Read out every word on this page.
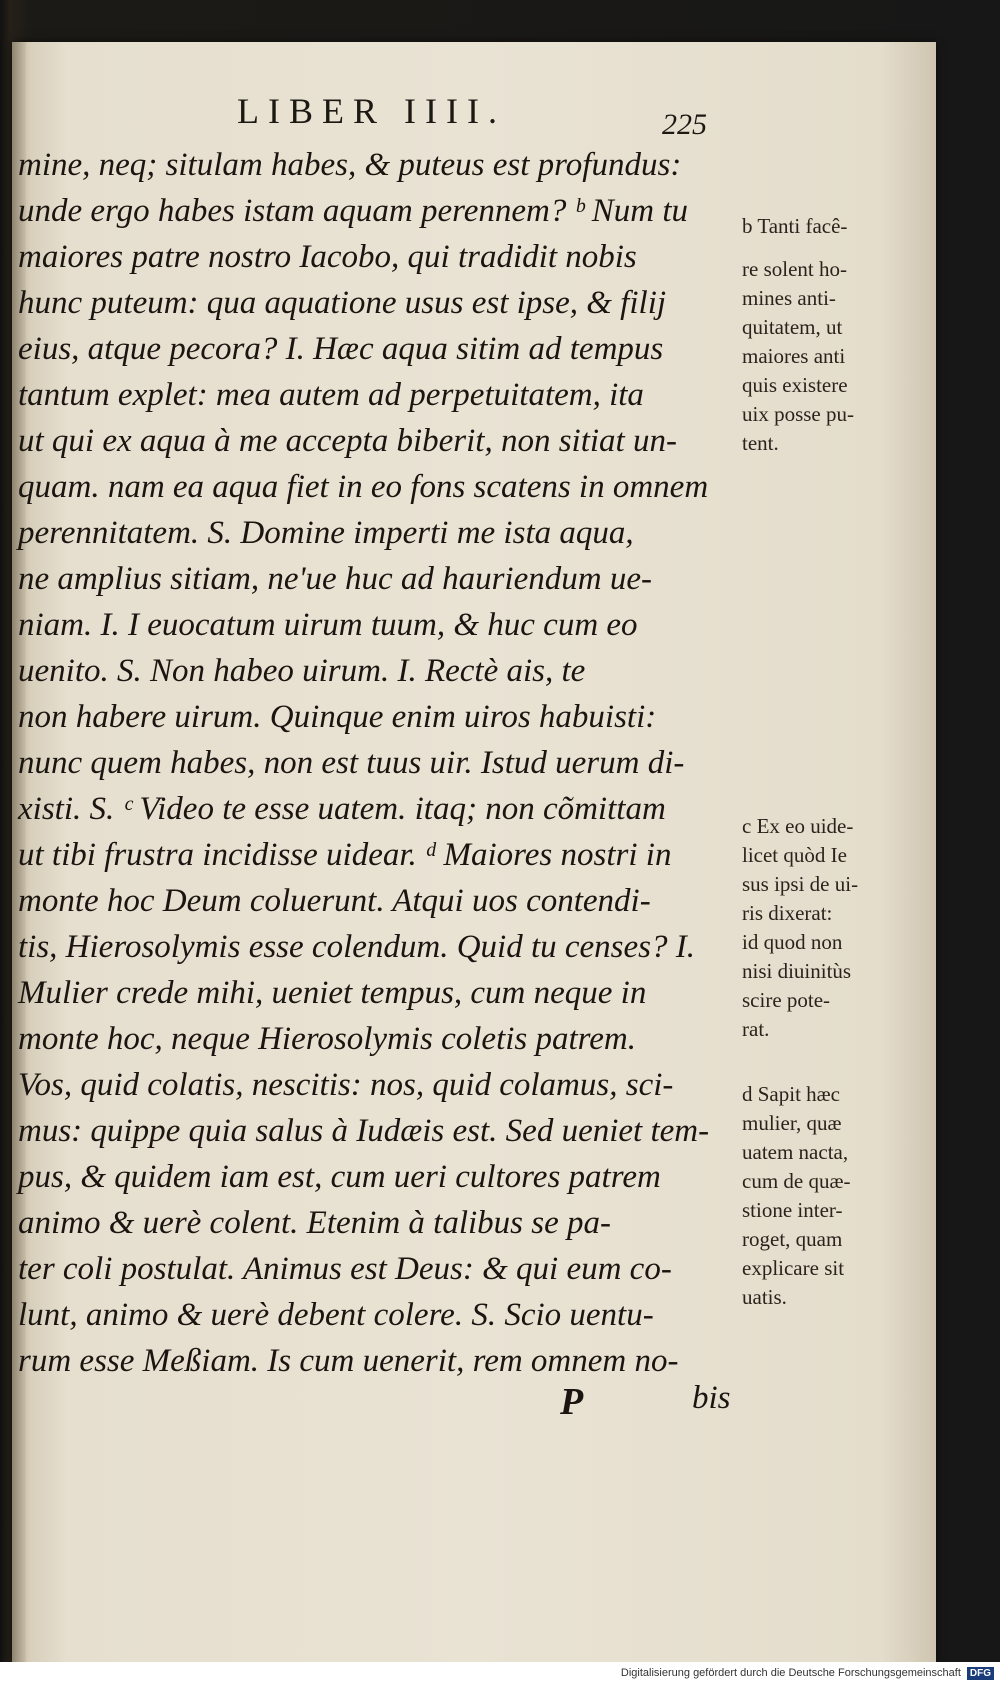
LIBER IIII.	225
mine, neq; situlam habes, & puteus est profundus:
unde ergo habes istam aquam perennem? ᵇ Num tu
maiores patre nostro Iacobo, qui tradidit nobis
hunc puteum: qua aquatione usus est ipse, & filij
eius, atque pecora? I. Hæc aqua sitim ad tempus
tantum explet: mea autem ad perpetuitatem, ita
ut qui ex aqua à me accepta biberit, non sitiat un-
quam. nam ea aqua fiet in eo fons scatens in omnem
perennitatem. S. Domine imperti me ista aqua,
ne amplius sitiam, ne'ue huc ad hauriendum ue-
niam. I. I euocatum uirum tuum, & huc cum eo
uenito. S. Non habeo uirum. I. Rectè ais, te
non habere uirum. Quinque enim uiros habuisti:
nunc quem habes, non est tuus uir. Istud uerum di-
xisti. S. ᶜ Video te esse uatem. itaq; non cõmittam
ut tibi frustra incidisse uidear. ᵈ Maiores nostri in
monte hoc Deum coluerunt. Atqui uos contendi-
tis, Hierosolymis esse colendum. Quid tu censes? I.
Mulier crede mihi, ueniet tempus, cum neque in
monte hoc, neque Hierosolymis coletis patrem.
Vos, quid colatis, nescitis: nos, quid colamus, sci-
mus: quippe quia salus à Iudæis est. Sed ueniet tem-
pus, & quidem iam est, cum ueri cultores patrem
animo & uerè colent. Etenim à talibus se pa-
ter coli postulat. Animus est Deus: & qui eum co-
lunt, animo & uerè debent colere. S. Scio uentu-
rum esse Meßiam. Is cum uenerit, rem omnem no-
b Tanti facê-
re solent ho-
mines anti-
quitatem, ut
maiores anti
quis existere
uix posse pu-
tent.
c Ex eo uide-
licet quòd Ie
sus ipsi de ui-
ris dixerat:
id quod non
nisi diuinitùs
scire pote-
rat.
d Sapit hæc
mulier, quæ
uatem nacta,
cum de quæ-
stione inter-
roget, quam
explicare sit
uatis.
P	bis
Digitalisierung gefördert durch die Deutsche Forschungsgemeinschaft DFG
